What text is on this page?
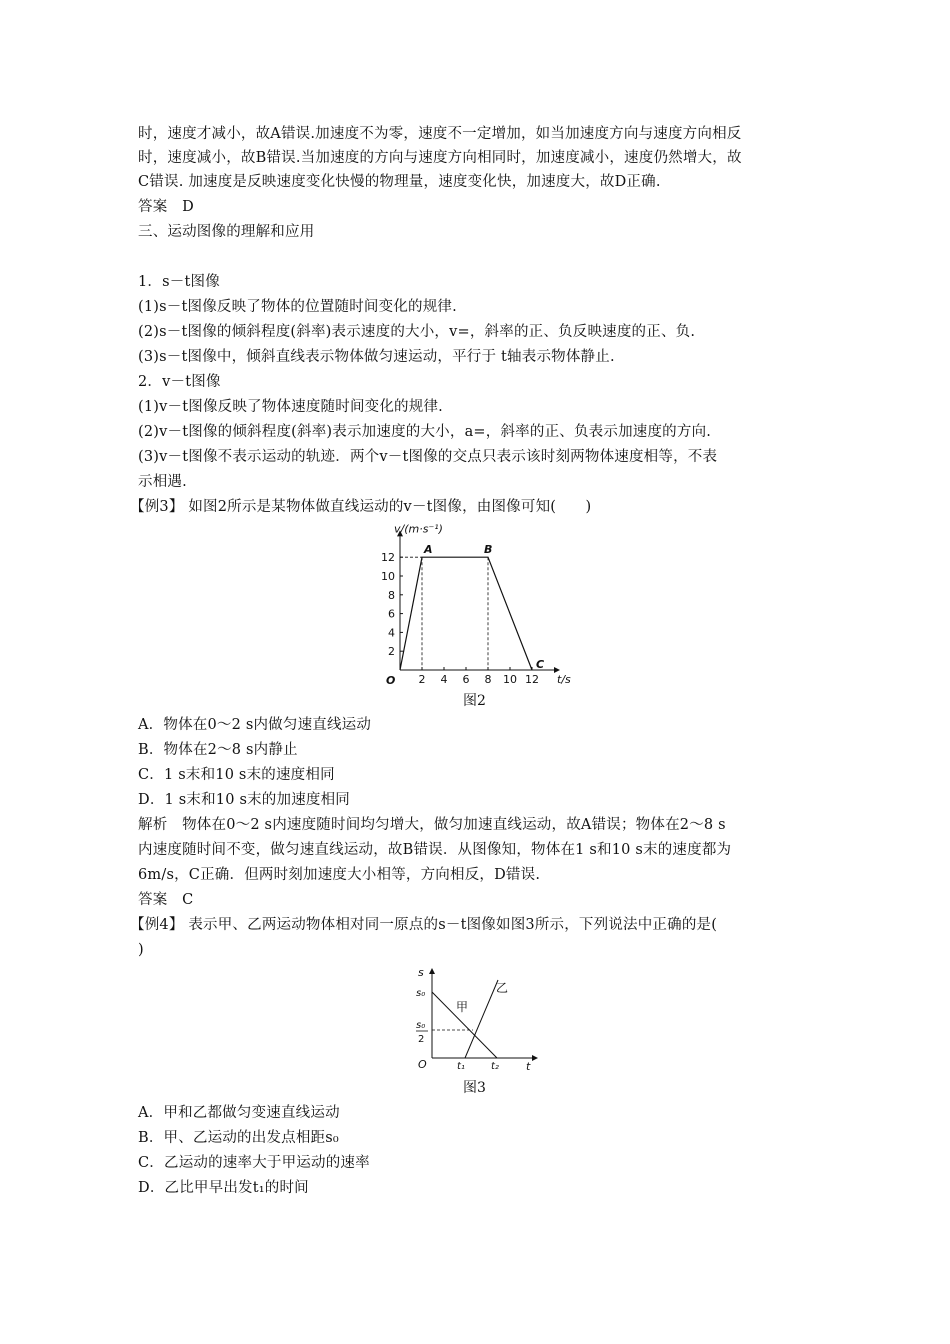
时，速度才减小，故A错误.加速度不为零，速度不一定增加，如当加速度方向与速度方向相反
时，速度减小，故B错误.当加速度的方向与速度方向相同时，加速度减小，速度仍然增大，故
C错误. 加速度是反映速度变化快慢的物理量，速度变化快，加速度大，故D正确.
答案　D
三、运动图像的理解和应用
1．s－t图像
(1)s－t图像反映了物体的位置随时间变化的规律.
(2)s－t图像的倾斜程度(斜率)表示速度的大小，v=，斜率的正、负反映速度的正、负.
(3)s－t图像中，倾斜直线表示物体做匀速运动，平行于 t轴表示物体静止.
2．v－t图像
(1)v－t图像反映了物体速度随时间变化的规律.
(2)v－t图像的倾斜程度(斜率)表示加速度的大小，a=，斜率的正、负表示加速度的方向.
(3)v－t图像不表示运动的轨迹．两个v－t图像的交点只表示该时刻两物体速度相等，不表
示相遇.
【例3】 如图2所示是某物体做直线运动的v－t图像，由图像可知(　　)
2 4 6 8 10 12
2
4
6
8
10
12
v/(m·s⁻¹)
t/s
O
A	B
C
图2
A．物体在0～2 s内做匀速直线运动
B．物体在2～8 s内静止
C．1 s末和10 s末的速度相同
D．1 s末和10 s末的加速度相同
解析　物体在0～2 s内速度随时间均匀增大，做匀加速直线运动，故A错误；物体在2～8 s
内速度随时间不变，做匀速直线运动，故B错误．从图像知，物体在1 s和10 s末的速度都为
6m/s，C正确．但两时刻加速度大小相等，方向相反，D错误.
答案　C
【例4】 表示甲、乙两运动物体相对同一原点的s－t图像如图3所示，下列说法中正确的是(
)
s
t
O
s₀
s₀
2
t₁	t₂
甲
乙
图3
A．甲和乙都做匀变速直线运动
B．甲、乙运动的出发点相距s₀
C．乙运动的速率大于甲运动的速率
D．乙比甲早出发t₁的时间
